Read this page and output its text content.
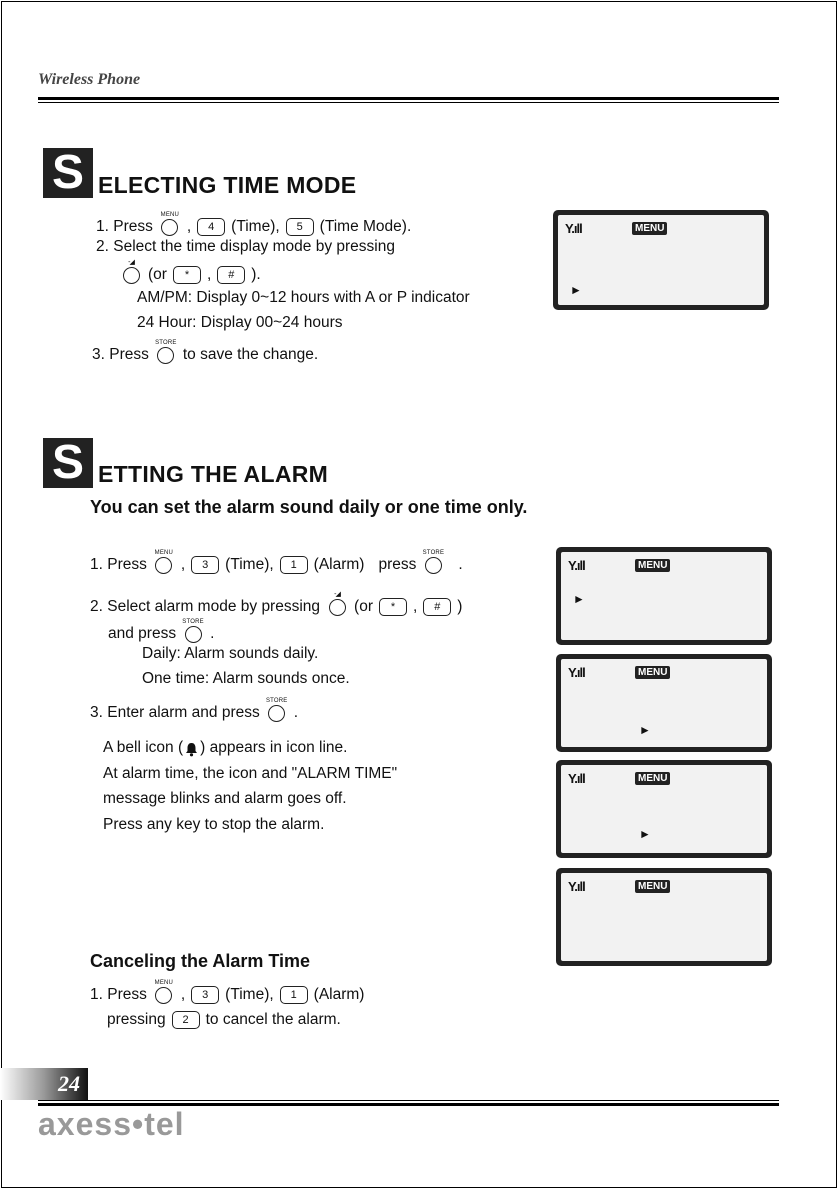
Wireless Phone
S ELECTING TIME MODE
1. Press
MENU
,	4	(Time),	5	(Time Mode).
2. Select the time display mode by pressing
-◢
(or	*	,	#	).
AM/PM: Display 0~12 hours with A or P indicator
24 Hour: Display 00~24 hours
3. Press
STORE
to save the change.
Y.ıll	MENU
►
S ETTING THE ALARM
You can set the alarm sound daily or one time only.
1. Press
MENU
,	3	(Time),	1	(Alarm) press
STORE
.
2. Select alarm mode by pressing
-◢
(or	*	,	#	)
and press
STORE
.
Daily: Alarm sounds daily.
One time: Alarm sounds once.
3. Enter alarm and press
STORE
.
A bell icon ( ) appears in icon line.
At alarm time, the icon and "ALARM TIME"
message blinks and alarm goes off.
Press any key to stop the alarm.
Y.ıll	MENU
►
Y.ıll	MENU
►
Y.ıll	MENU
►
Y.ıll	MENU
Canceling the Alarm Time
1. Press
MENU
,	3	(Time),	1	(Alarm)
pressing	2	to cancel the alarm.
24
axess•tel
